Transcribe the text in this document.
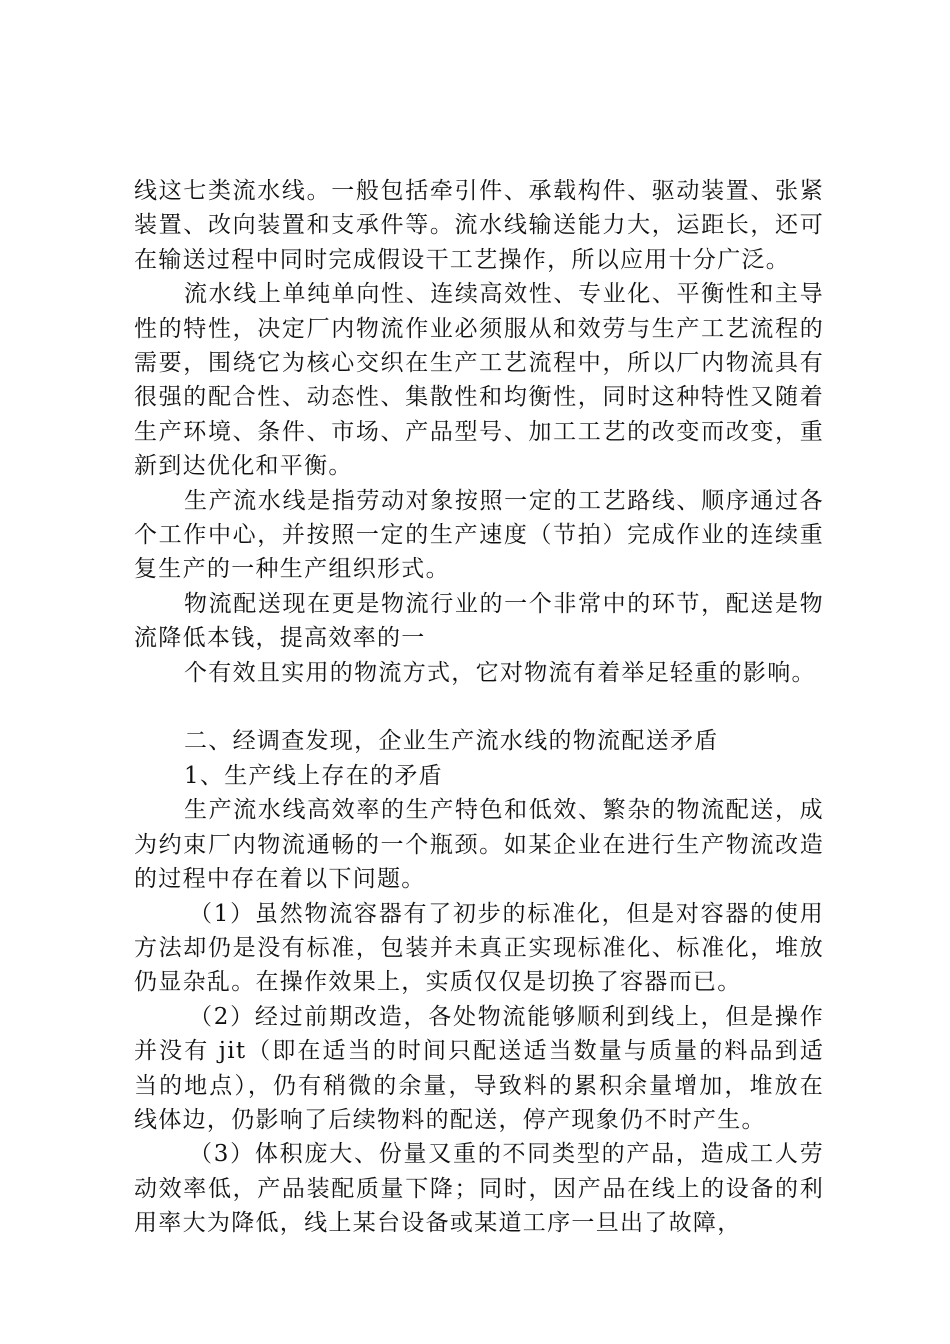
线这七类流水线。一般包括牵引件、承载构件、驱动装置、张紧装置、改向装置和支承件等。流水线输送能力大，运距长，还可在输送过程中同时完成假设干工艺操作，所以应用十分广泛。

流水线上单纯单向性、连续高效性、专业化、平衡性和主导性的特性，决定厂内物流作业必须服从和效劳与生产工艺流程的需要，围绕它为核心交织在生产工艺流程中，所以厂内物流具有很强的配合性、动态性、集散性和均衡性，同时这种特性又随着生产环境、条件、市场、产品型号、加工工艺的改变而改变，重新到达优化和平衡。

生产流水线是指劳动对象按照一定的工艺路线、顺序通过各个工作中心，并按照一定的生产速度（节拍）完成作业的连续重复生产的一种生产组织形式。

物流配送现在更是物流行业的一个非常中的环节，配送是物流降低本钱，提高效率的一

个有效且实用的物流方式，它对物流有着举足轻重的影响。

二、经调查发现，企业生产流水线的物流配送矛盾

1、生产线上存在的矛盾

生产流水线高效率的生产特色和低效、繁杂的物流配送，成为约束厂内物流通畅的一个瓶颈。如某企业在进行生产物流改造的过程中存在着以下问题。

（1）虽然物流容器有了初步的标准化，但是对容器的使用方法却仍是没有标准，包装并未真正实现标准化、标准化，堆放仍显杂乱。在操作效果上，实质仅仅是切换了容器而已。

（2）经过前期改造，各处物流能够顺利到线上，但是操作并没有 jit（即在适当的时间只配送适当数量与质量的料品到适当的地点），仍有稍微的余量，导致料的累积余量增加，堆放在线体边，仍影响了后续物料的配送，停产现象仍不时产生。

（3）体积庞大、份量又重的不同类型的产品，造成工人劳动效率低，产品装配质量下降；同时，因产品在线上的设备的利用率大为降低，线上某台设备或某道工序一旦出了故障，
